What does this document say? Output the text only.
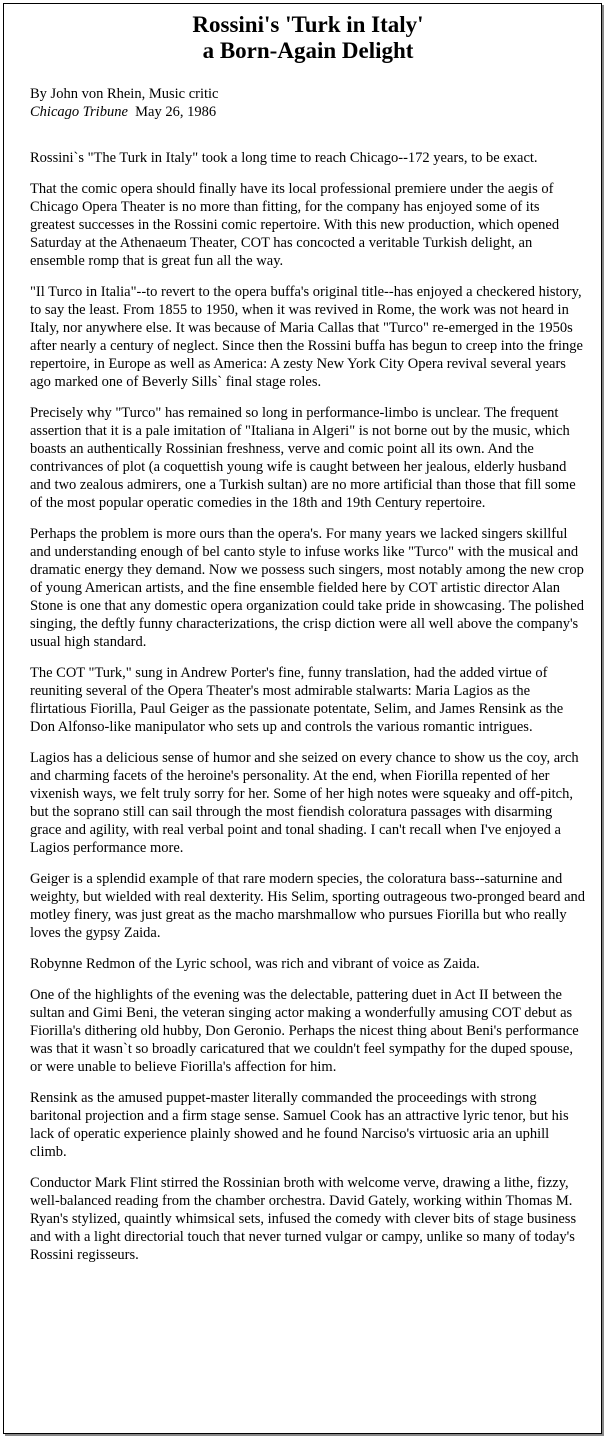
Rossini's 'Turk in Italy'
a Born-Again Delight
By John von Rhein, Music critic
Chicago Tribune May 26, 1986

Rossini`s "The Turk in Italy" took a long time to reach Chicago--172 years, to be exact.

That the comic opera should finally have its local professional premiere under the aegis of Chicago Opera Theater is no more than fitting, for the company has enjoyed some of its greatest successes in the Rossini comic repertoire. With this new production, which opened Saturday at the Athenaeum Theater, COT has concocted a veritable Turkish delight, an ensemble romp that is great fun all the way.

"Il Turco in Italia"--to revert to the opera buffa's original title--has enjoyed a checkered history, to say the least. From 1855 to 1950, when it was revived in Rome, the work was not heard in Italy, nor anywhere else. It was because of Maria Callas that "Turco" re-emerged in the 1950s after nearly a century of neglect. Since then the Rossini buffa has begun to creep into the fringe repertoire, in Europe as well as America: A zesty New York City Opera revival several years ago marked one of Beverly Sills` final stage roles.

Precisely why "Turco" has remained so long in performance-limbo is unclear. The frequent assertion that it is a pale imitation of "Italiana in Algeri" is not borne out by the music, which boasts an authentically Rossinian freshness, verve and comic point all its own. And the contrivances of plot (a coquettish young wife is caught between her jealous, elderly husband and two zealous admirers, one a Turkish sultan) are no more artificial than those that fill some of the most popular operatic comedies in the 18th and 19th Century repertoire.

Perhaps the problem is more ours than the opera's. For many years we lacked singers skillful and understanding enough of bel canto style to infuse works like "Turco" with the musical and dramatic energy they demand. Now we possess such singers, most notably among the new crop of young American artists, and the fine ensemble fielded here by COT artistic director Alan Stone is one that any domestic opera organization could take pride in showcasing. The polished singing, the deftly funny characterizations, the crisp diction were all well above the company's usual high standard.

The COT "Turk," sung in Andrew Porter's fine, funny translation, had the added virtue of reuniting several of the Opera Theater's most admirable stalwarts: Maria Lagios as the flirtatious Fiorilla, Paul Geiger as the passionate potentate, Selim, and James Rensink as the Don Alfonso-like manipulator who sets up and controls the various romantic intrigues.

Lagios has a delicious sense of humor and she seized on every chance to show us the coy, arch and charming facets of the heroine's personality. At the end, when Fiorilla repented of her vixenish ways, we felt truly sorry for her. Some of her high notes were squeaky and off-pitch, but the soprano still can sail through the most fiendish coloratura passages with disarming grace and agility, with real verbal point and tonal shading. I can't recall when I've enjoyed a Lagios performance more.

Geiger is a splendid example of that rare modern species, the coloratura bass--saturnine and weighty, but wielded with real dexterity. His Selim, sporting outrageous two-pronged beard and motley finery, was just great as the macho marshmallow who pursues Fiorilla but who really loves the gypsy Zaida.

Robynne Redmon of the Lyric school, was rich and vibrant of voice as Zaida.

One of the highlights of the evening was the delectable, pattering duet in Act II between the sultan and Gimi Beni, the veteran singing actor making a wonderfully amusing COT debut as Fiorilla's dithering old hubby, Don Geronio. Perhaps the nicest thing about Beni's performance was that it wasn`t so broadly caricatured that we couldn't feel sympathy for the duped spouse, or were unable to believe Fiorilla's affection for him.

Rensink as the amused puppet-master literally commanded the proceedings with strong baritonal projection and a firm stage sense. Samuel Cook has an attractive lyric tenor, but his lack of operatic experience plainly showed and he found Narciso's virtuosic aria an uphill climb.

Conductor Mark Flint stirred the Rossinian broth with welcome verve, drawing a lithe, fizzy, well-balanced reading from the chamber orchestra. David Gately, working within Thomas M. Ryan's stylized, quaintly whimsical sets, infused the comedy with clever bits of stage business and with a light directorial touch that never turned vulgar or campy, unlike so many of today's Rossini regisseurs.
